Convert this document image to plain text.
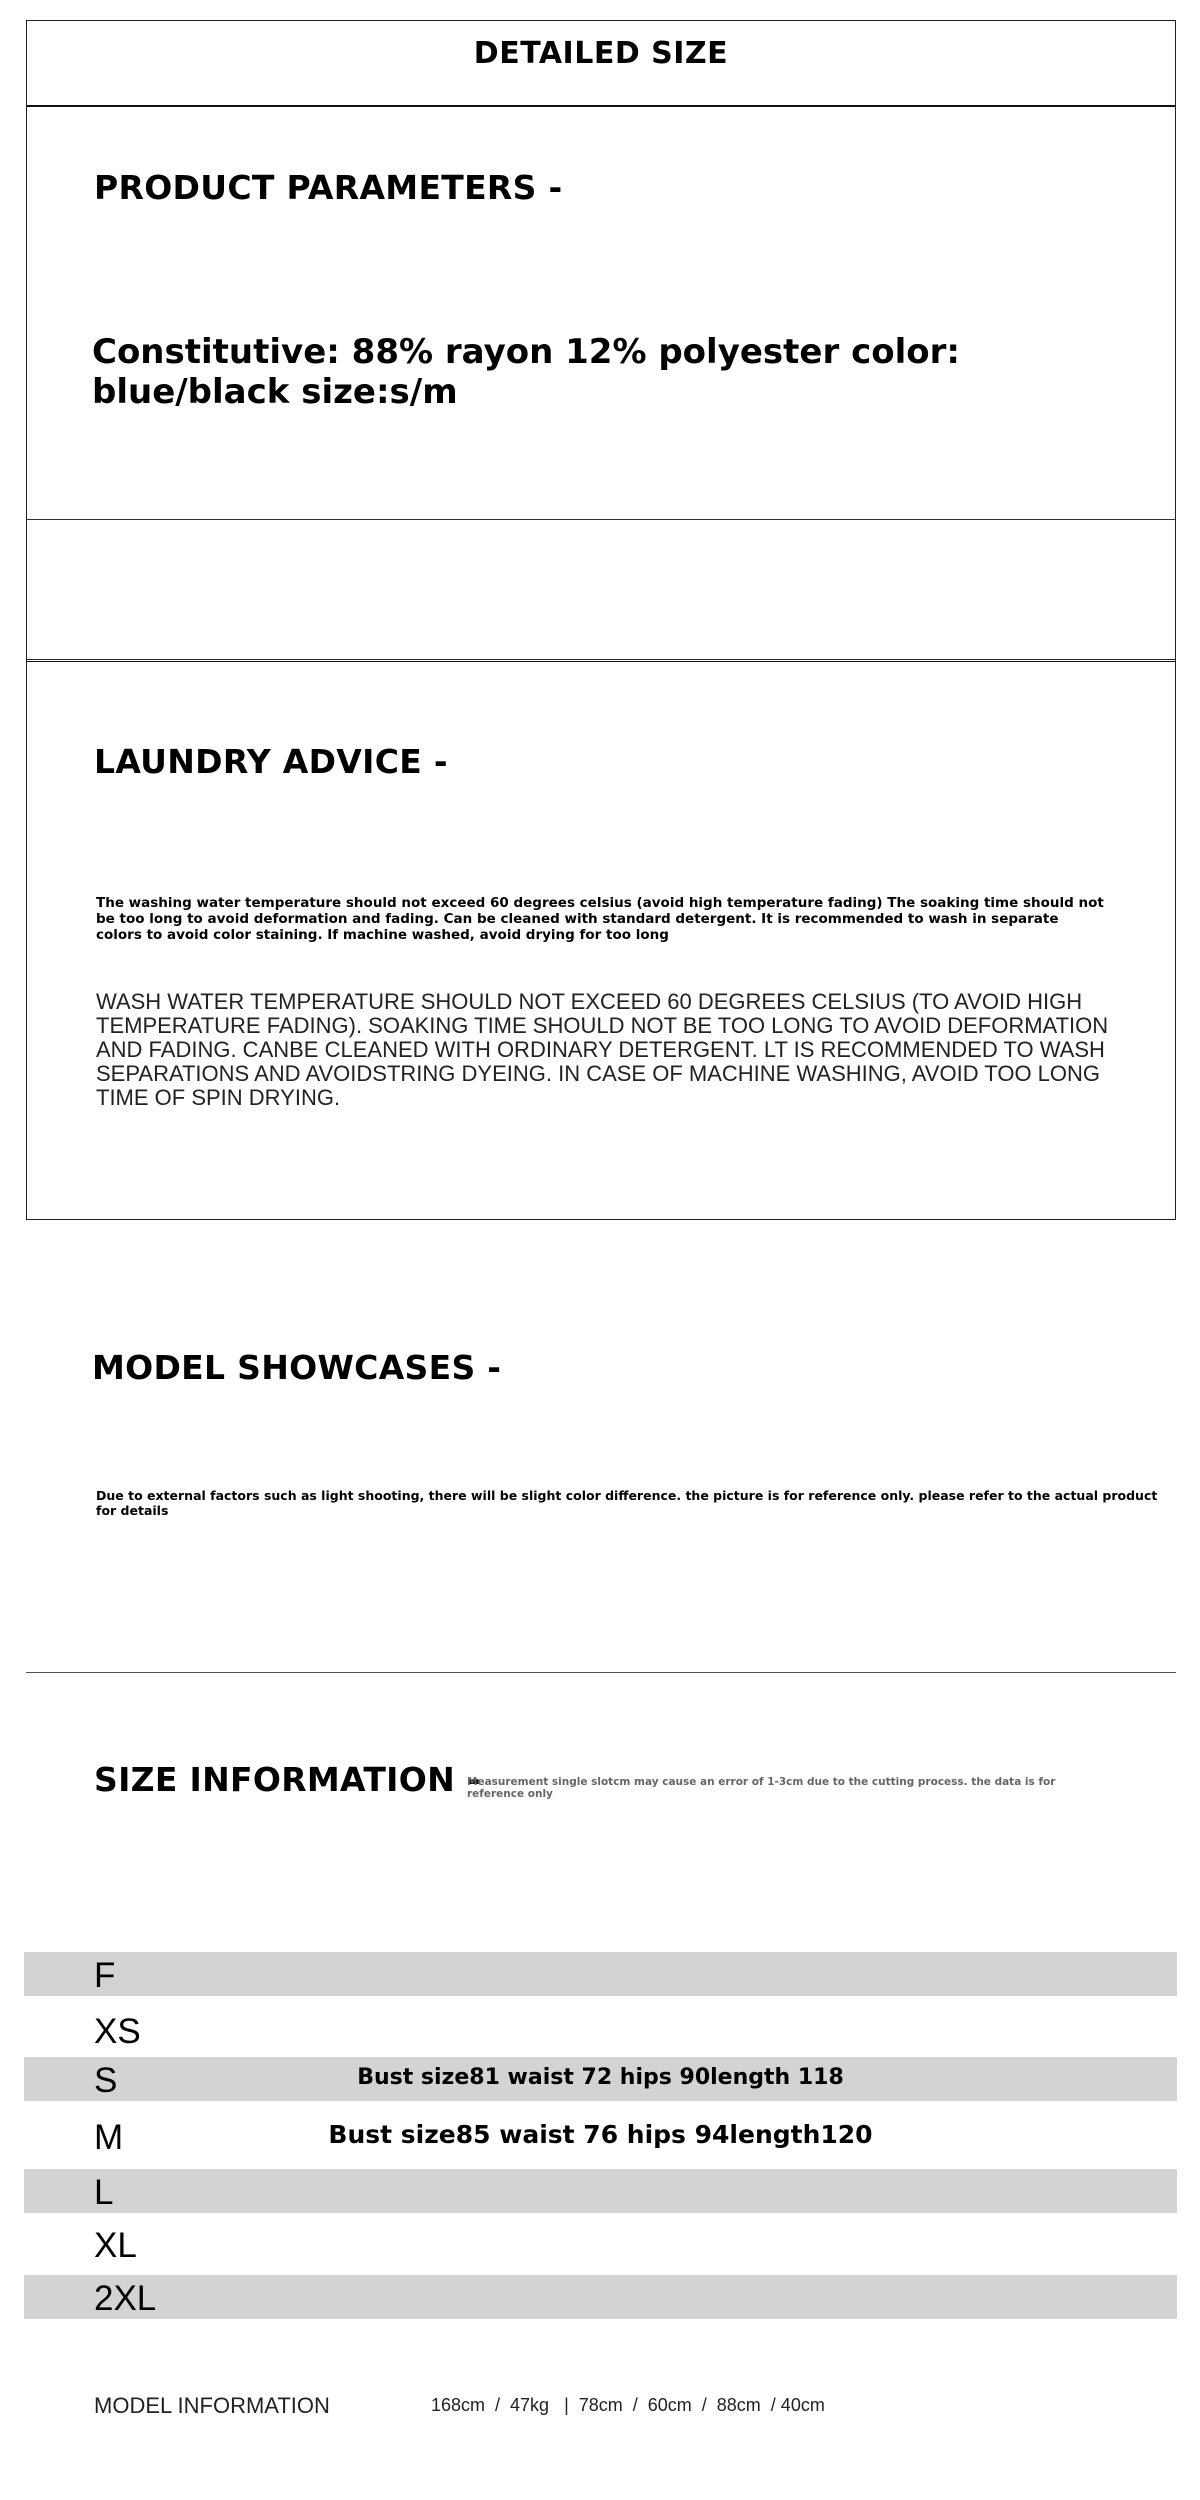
DETAILED SIZE
PRODUCT PARAMETERS -
Constitutive: 88% rayon 12% polyester color: blue/black size:s/m
LAUNDRY ADVICE -
The washing water temperature should not exceed 60 degrees celsius (avoid high temperature fading) The soaking time should not be too long to avoid deformation and fading. Can be cleaned with standard detergent. It is recommended to wash in separate colors to avoid color staining. If machine washed, avoid drying for too long
WASH WATER TEMPERATURE SHOULD NOT EXCEED 60 DEGREES CELSIUS (TO AVOID HIGH TEMPERATURE FADING). SOAKING TIME SHOULD NOT BE TOO LONG TO AVOID DEFORMATION AND FADING. CANBE CLEANED WITH ORDINARY DETERGENT. LT IS RECOMMENDED TO WASH SEPARATIONS AND AVOIDSTRING DYEING. IN CASE OF MACHINE WASHING, AVOID TOO LONG TIME OF SPIN DRYING.
MODEL SHOWCASES -
Due to external factors such as light shooting, there will be slight color difference. the picture is for reference only. please refer to the actual product for details
SIZE INFORMATION -
Measurement single slotcm may cause an error of 1-3cm due to the cutting process. the data is for reference only
F
XS
S	Bust size81 waist 72 hips 90length 118
M	Bust size85 waist 76 hips 94length120
L
XL
2XL
MODEL INFORMATION	168cm  /  47kg   |  78cm  /  60cm  /  88cm  / 40cm
